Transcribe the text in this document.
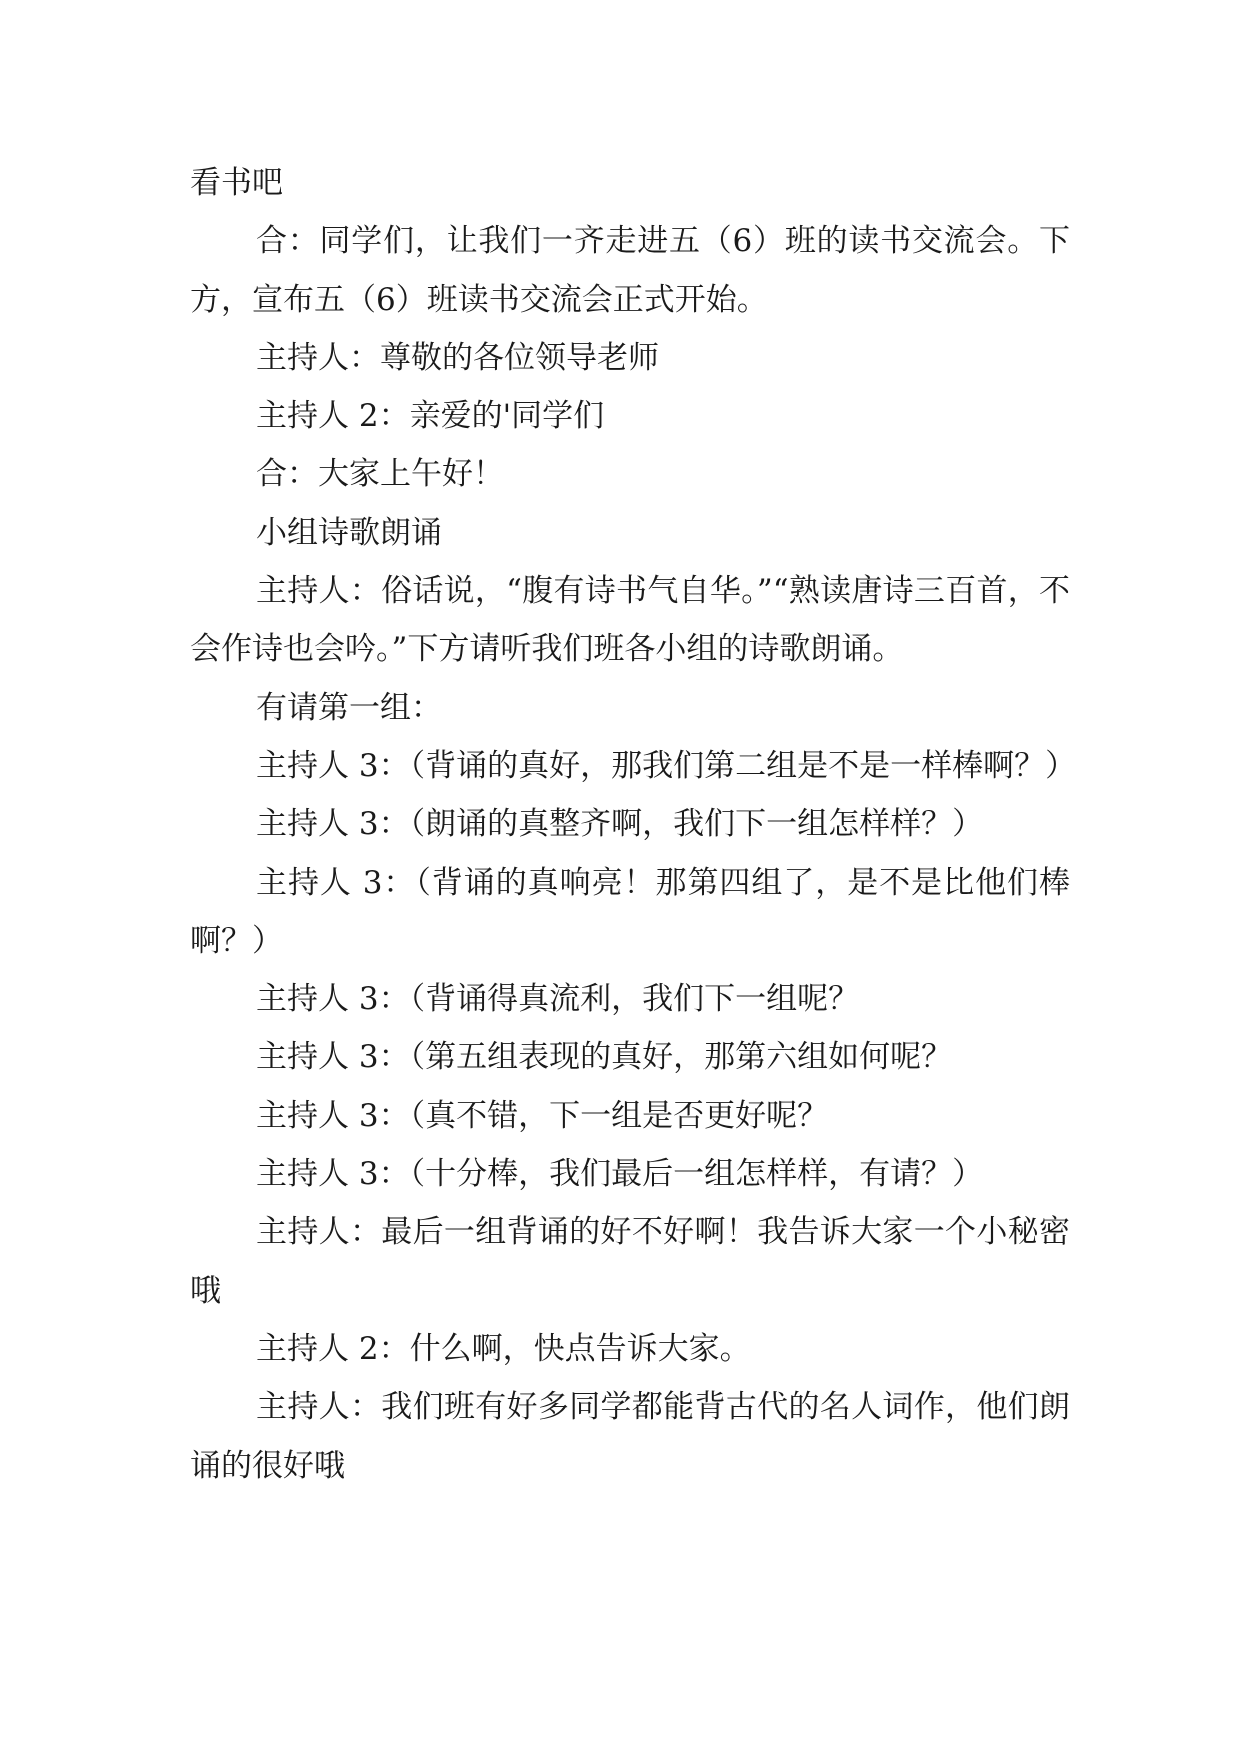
看书吧

合：同学们，让我们一齐走进五（6）班的读书交流会。下方，宣布五（6）班读书交流会正式开始。

主持人：尊敬的各位领导老师

主持人 2：亲爱的'同学们

合：大家上午好！

小组诗歌朗诵

主持人：俗话说，“腹有诗书气自华。”“熟读唐诗三百首，不会作诗也会吟。”下方请听我们班各小组的诗歌朗诵。

有请第一组：

主持人 3：（背诵的真好，那我们第二组是不是一样棒啊？）

主持人 3：（朗诵的真整齐啊，我们下一组怎样样？）

主持人 3：（背诵的真响亮！那第四组了，是不是比他们棒啊？）

主持人 3：（背诵得真流利，我们下一组呢？

主持人 3：（第五组表现的真好，那第六组如何呢？

主持人 3：（真不错，下一组是否更好呢？

主持人 3：（十分棒，我们最后一组怎样样，有请？）

主持人：最后一组背诵的好不好啊！我告诉大家一个小秘密哦

主持人 2：什么啊，快点告诉大家。

主持人：我们班有好多同学都能背古代的名人词作，他们朗诵的很好哦
